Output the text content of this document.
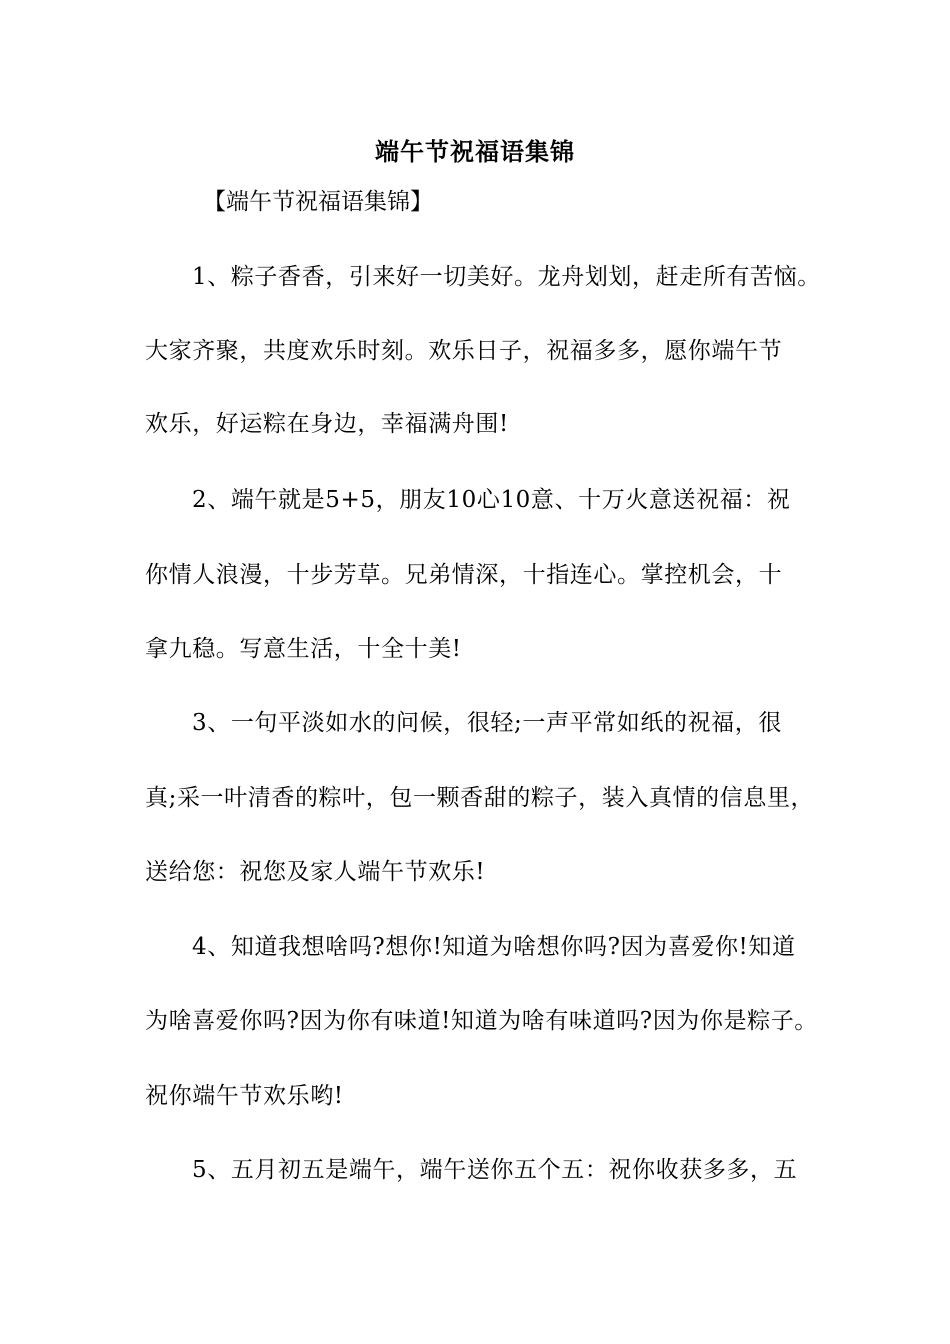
端午节祝福语集锦
【端午节祝福语集锦】
1、粽子香香，引来好一切美好。龙舟划划，赶走所有苦恼。
大家齐聚，共度欢乐时刻。欢乐日子，祝福多多，愿你端午节
欢乐，好运粽在身边，幸福满舟围!
2、端午就是5+5，朋友10心10意、十万火意送祝福：祝
你情人浪漫，十步芳草。兄弟情深，十指连心。掌控机会，十
拿九稳。写意生活，十全十美!
3、一句平淡如水的问候，很轻;一声平常如纸的祝福，很
真;采一叶清香的粽叶，包一颗香甜的粽子，装入真情的信息里，
送给您：祝您及家人端午节欢乐!
4、知道我想啥吗?想你!知道为啥想你吗?因为喜爱你!知道
为啥喜爱你吗?因为你有味道!知道为啥有味道吗?因为你是粽子。
祝你端午节欢乐哟!
5、五月初五是端午，端午送你五个五：祝你收获多多，五
